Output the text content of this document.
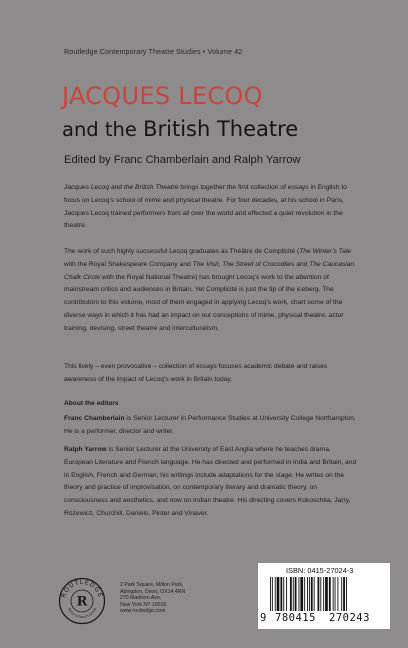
Routledge Contemporary Theatre Studies • Volume 42
JACQUES LECOQ
and the British Theatre
Edited by Franc Chamberlain and Ralph Yarrow

Jacques Lecoq and the British Theatre brings together the first collection of essays in English to focus on Lecoq’s school of mime and physical theatre. For four decades, at his school in Paris, Jacques Lecoq trained performers from all over the world and effected a quiet revolution in the theatre.

The work of such highly successful Lecoq graduates as Théâtre de Complicité (The Winter’s Tale with the Royal Shakespeare Company and The Visit, The Street of Crocodiles and The Caucasian Chalk Circle with the Royal National Theatre) has brought Lecoq’s work to the attention of mainstream critics and audiences in Britain. Yet Complicité is just the tip of the iceberg. The contributors to this volume, most of them engaged in applying Lecoq’s work, chart some of the diverse ways in which it has had an impact on our conceptions of mime, physical theatre, actor training, devising, street theatre and interculturalism.

This lively – even provocative – collection of essays focuses academic debate and raises awareness of the impact of Lecoq’s work in Britain today.

About the editors

Franc Chamberlain is Senior Lecturer in Performance Studies at University College Northampton. He is a performer, director and writer.

Ralph Yarrow is Senior Lecturer at the University of East Anglia where he teaches drama, European Literature and French language. He has directed and performed in India and Britain, and in English, French and German; his writings include adaptations for the stage. He writes on the theory and practice of improvisation, on contemporary literary and dramatic theory, on consciousness and aesthetics, and now on Indian theatre. His directing covers Kokoschka, Jarry, Różewicz, Churchill, Daniels, Pinter and Vinaver.

ROUTLEDGE
Taylor & Francis Group
R
2 Park Square, Milton Park,
Abingdon, Oxon, OX14 4RN
270 Madison Ave,
New York NY 10016
www.routledge.com
ISBN: 0415-27024-3
9 780415 270243
